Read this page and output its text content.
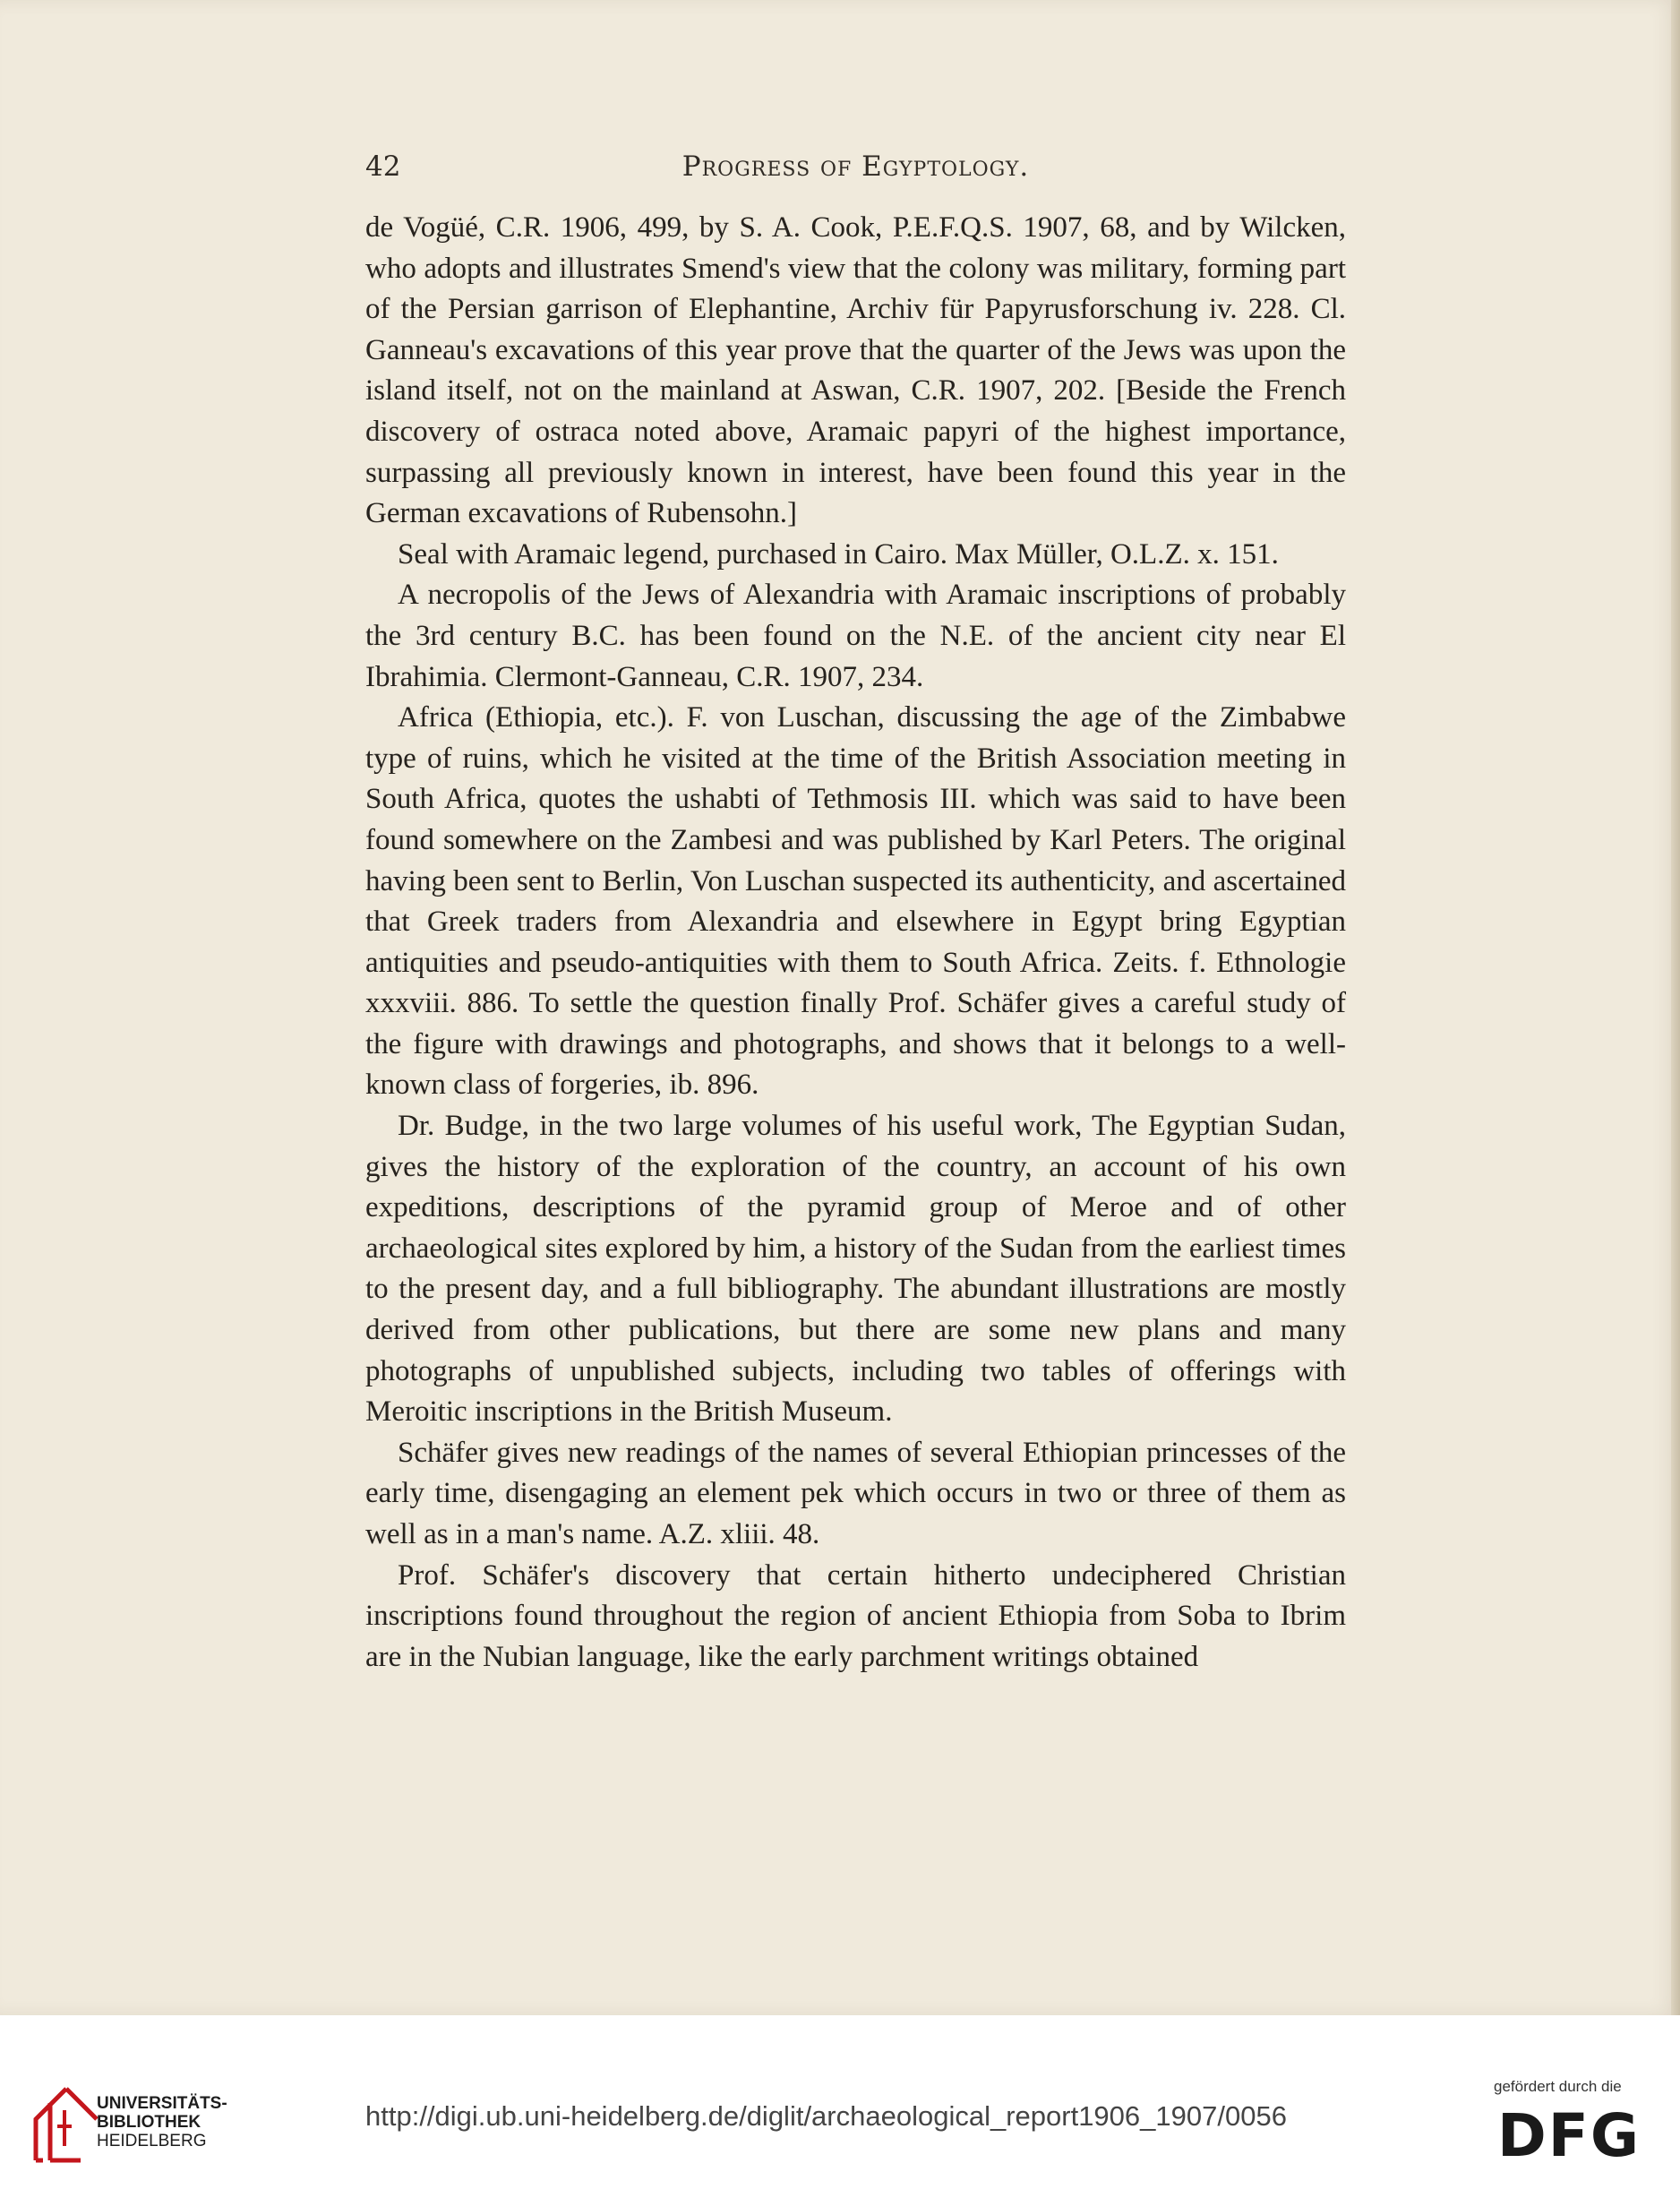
42	Progress of Egyptology.

de Vogüé, C.R. 1906, 499, by S. A. Cook, P.E.F.Q.S. 1907, 68, and by Wilcken, who adopts and illustrates Smend's view that the colony was military, forming part of the Persian garrison of Elephantine, Archiv für Papyrusforschung iv. 228. Cl. Ganneau's excavations of this year prove that the quarter of the Jews was upon the island itself, not on the mainland at Aswan, C.R. 1907, 202. [Beside the French discovery of ostraca noted above, Aramaic papyri of the highest importance, surpassing all previously known in interest, have been found this year in the German excavations of Rubensohn.]

Seal with Aramaic legend, purchased in Cairo. Max Müller, O.L.Z. x. 151.

A necropolis of the Jews of Alexandria with Aramaic inscriptions of probably the 3rd century B.C. has been found on the N.E. of the ancient city near El Ibrahimia. Clermont-Ganneau, C.R. 1907, 234.

Africa (Ethiopia, etc.). F. von Luschan, discussing the age of the Zimbabwe type of ruins, which he visited at the time of the British Association meeting in South Africa, quotes the ushabti of Tethmosis III. which was said to have been found somewhere on the Zambesi and was published by Karl Peters. The original having been sent to Berlin, Von Luschan suspected its authenticity, and ascertained that Greek traders from Alexandria and elsewhere in Egypt bring Egyptian antiquities and pseudo-antiquities with them to South Africa. Zeits. f. Ethnologie xxxviii. 886. To settle the question finally Prof. Schäfer gives a careful study of the figure with drawings and photographs, and shows that it belongs to a well-known class of forgeries, ib. 896.

Dr. Budge, in the two large volumes of his useful work, The Egyptian Sudan, gives the history of the exploration of the country, an account of his own expeditions, descriptions of the pyramid group of Meroe and of other archaeological sites explored by him, a history of the Sudan from the earliest times to the present day, and a full bibliography. The abundant illustrations are mostly derived from other publications, but there are some new plans and many photographs of unpublished subjects, including two tables of offerings with Meroitic inscriptions in the British Museum.

Schäfer gives new readings of the names of several Ethiopian princesses of the early time, disengaging an element pek which occurs in two or three of them as well as in a man's name. A.Z. xliii. 48.

Prof. Schäfer's discovery that certain hitherto undeciphered Christian inscriptions found throughout the region of ancient Ethiopia from Soba to Ibrim are in the Nubian language, like the early parchment writings obtained

UNIVERSITÄTS-
BIBLIOTHEK
HEIDELBERG
http://digi.ub.uni-heidelberg.de/diglit/archaeological_report1906_1907/0056
gefördert durch die
DFG
